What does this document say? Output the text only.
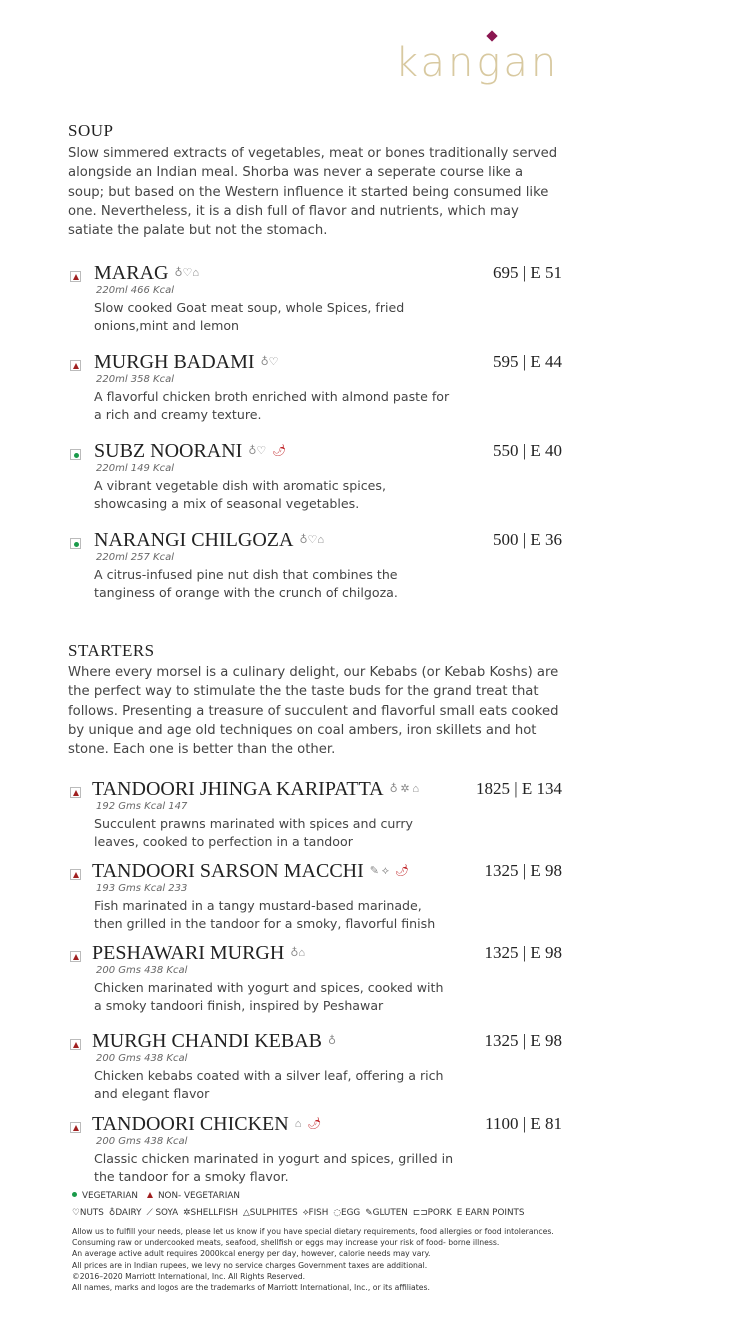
kangan
SOUP
Slow simmered extracts of vegetables, meat or bones traditionally served alongside an Indian meal. Shorba was never a seperate course like a soup; but based on the Western influence it started being consumed like one. Nevertheless, it is a dish full of flavor and nutrients, which may satiate the palate but not the stomach.
MARAG ♁♡⌂	695 | E 51
220ml 466 Kcal
Slow cooked Goat meat soup, whole Spices, fried onions,mint and lemon
MURGH BADAMI ♁♡	595 | E 44
220ml 358 Kcal
A flavorful chicken broth enriched with almond paste for a rich and creamy texture.
SUBZ NOORANI ♁♡ 🌶	550 | E 40
220ml 149 Kcal
A vibrant vegetable dish with aromatic spices, showcasing a mix of seasonal vegetables.
NARANGI CHILGOZA ♁♡⌂	500 | E 36
220ml 257 Kcal
A citrus-infused pine nut dish that combines the tanginess of orange with the crunch of chilgoza.
STARTERS
Where every morsel is a culinary delight, our Kebabs (or Kebab Koshs) are the perfect way to stimulate the the taste buds for the grand treat that follows. Presenting a treasure of succulent and flavorful small eats cooked by unique and age old techniques on coal ambers, iron skillets and hot stone. Each one is better than the other.
TANDOORI JHINGA KARIPATTA ♁ ✲ ⌂	1825 | E 134
192 Gms Kcal 147
Succulent prawns marinated with spices and curry leaves, cooked to perfection in a tandoor
TANDOORI SARSON MACCHI ✎ ⟡ 🌶	1325 | E 98
193 Gms Kcal 233
Fish marinated in a tangy mustard-based marinade, then grilled in the tandoor for a smoky, flavorful finish
PESHAWARI MURGH ♁⌂	1325 | E 98
200 Gms 438 Kcal
Chicken marinated with yogurt and spices, cooked with a smoky tandoori finish, inspired by Peshawar
MURGH CHANDI KEBAB ♁	1325 | E 98
200 Gms 438 Kcal
Chicken kebabs coated with a silver leaf, offering a rich and elegant flavor
TANDOORI CHICKEN ⌂ 🌶	1100 | E 81
200 Gms 438 Kcal
Classic chicken marinated in yogurt and spices, grilled in the tandoor for a smoky flavor.
VEGETARIAN NON- VEGETARIAN
♡NUTS ♁DAIRY ⟋ SOYA ✲SHELLFISH △SULPHITES ⟡FISH ◌EGG ✎GLUTEN ⊏⊐PORK E EARN POINTS
Allow us to fulfill your needs, please let us know if you have special dietary requirements, food allergies or food intolerances.
Consuming raw or undercooked meats, seafood, shellfish or eggs may increase your risk of food- borne illness.
An average active adult requires 2000kcal energy per day, however, calorie needs may vary.
All prices are in Indian rupees, we levy no service charges Government taxes are additional.
©2016–2020 Marriott International, Inc. All Rights Reserved.
All names, marks and logos are the trademarks of Marriott International, Inc., or its affiliates.
